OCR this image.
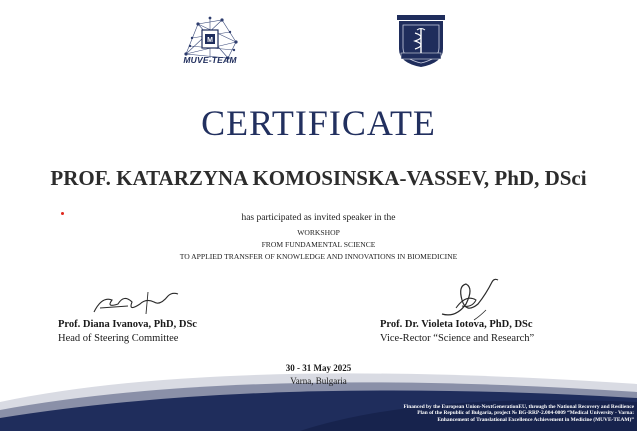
M
MUVE-TEAM
CERTIFICATE
PROF. KATARZYNA KOMOSINSKA-VASSEV, PhD, DSci
has participated as invited speaker in the
WORKSHOP
FROM FUNDAMENTAL SCIENCE
TO APPLIED TRANSFER OF KNOWLEDGE AND INNOVATIONS IN BIOMEDICINE
Prof. Diana Ivanova, PhD, DSc
Head of Steering Committee
Prof. Dr. Violeta Iotova, PhD, DSc
Vice-Rector “Science and Research”
30 - 31 May 2025
Varna, Bulgaria
Financed by the European Union-NextGenerationEU, through the National Recovery and Resilience
Plan of the Republic of Bulgaria, project № BG-RRP-2.004-0009 “Medical University - Varna:
Enhancement of Translational Excellence Achievement in Medicine (MUVE-TEAM)”
